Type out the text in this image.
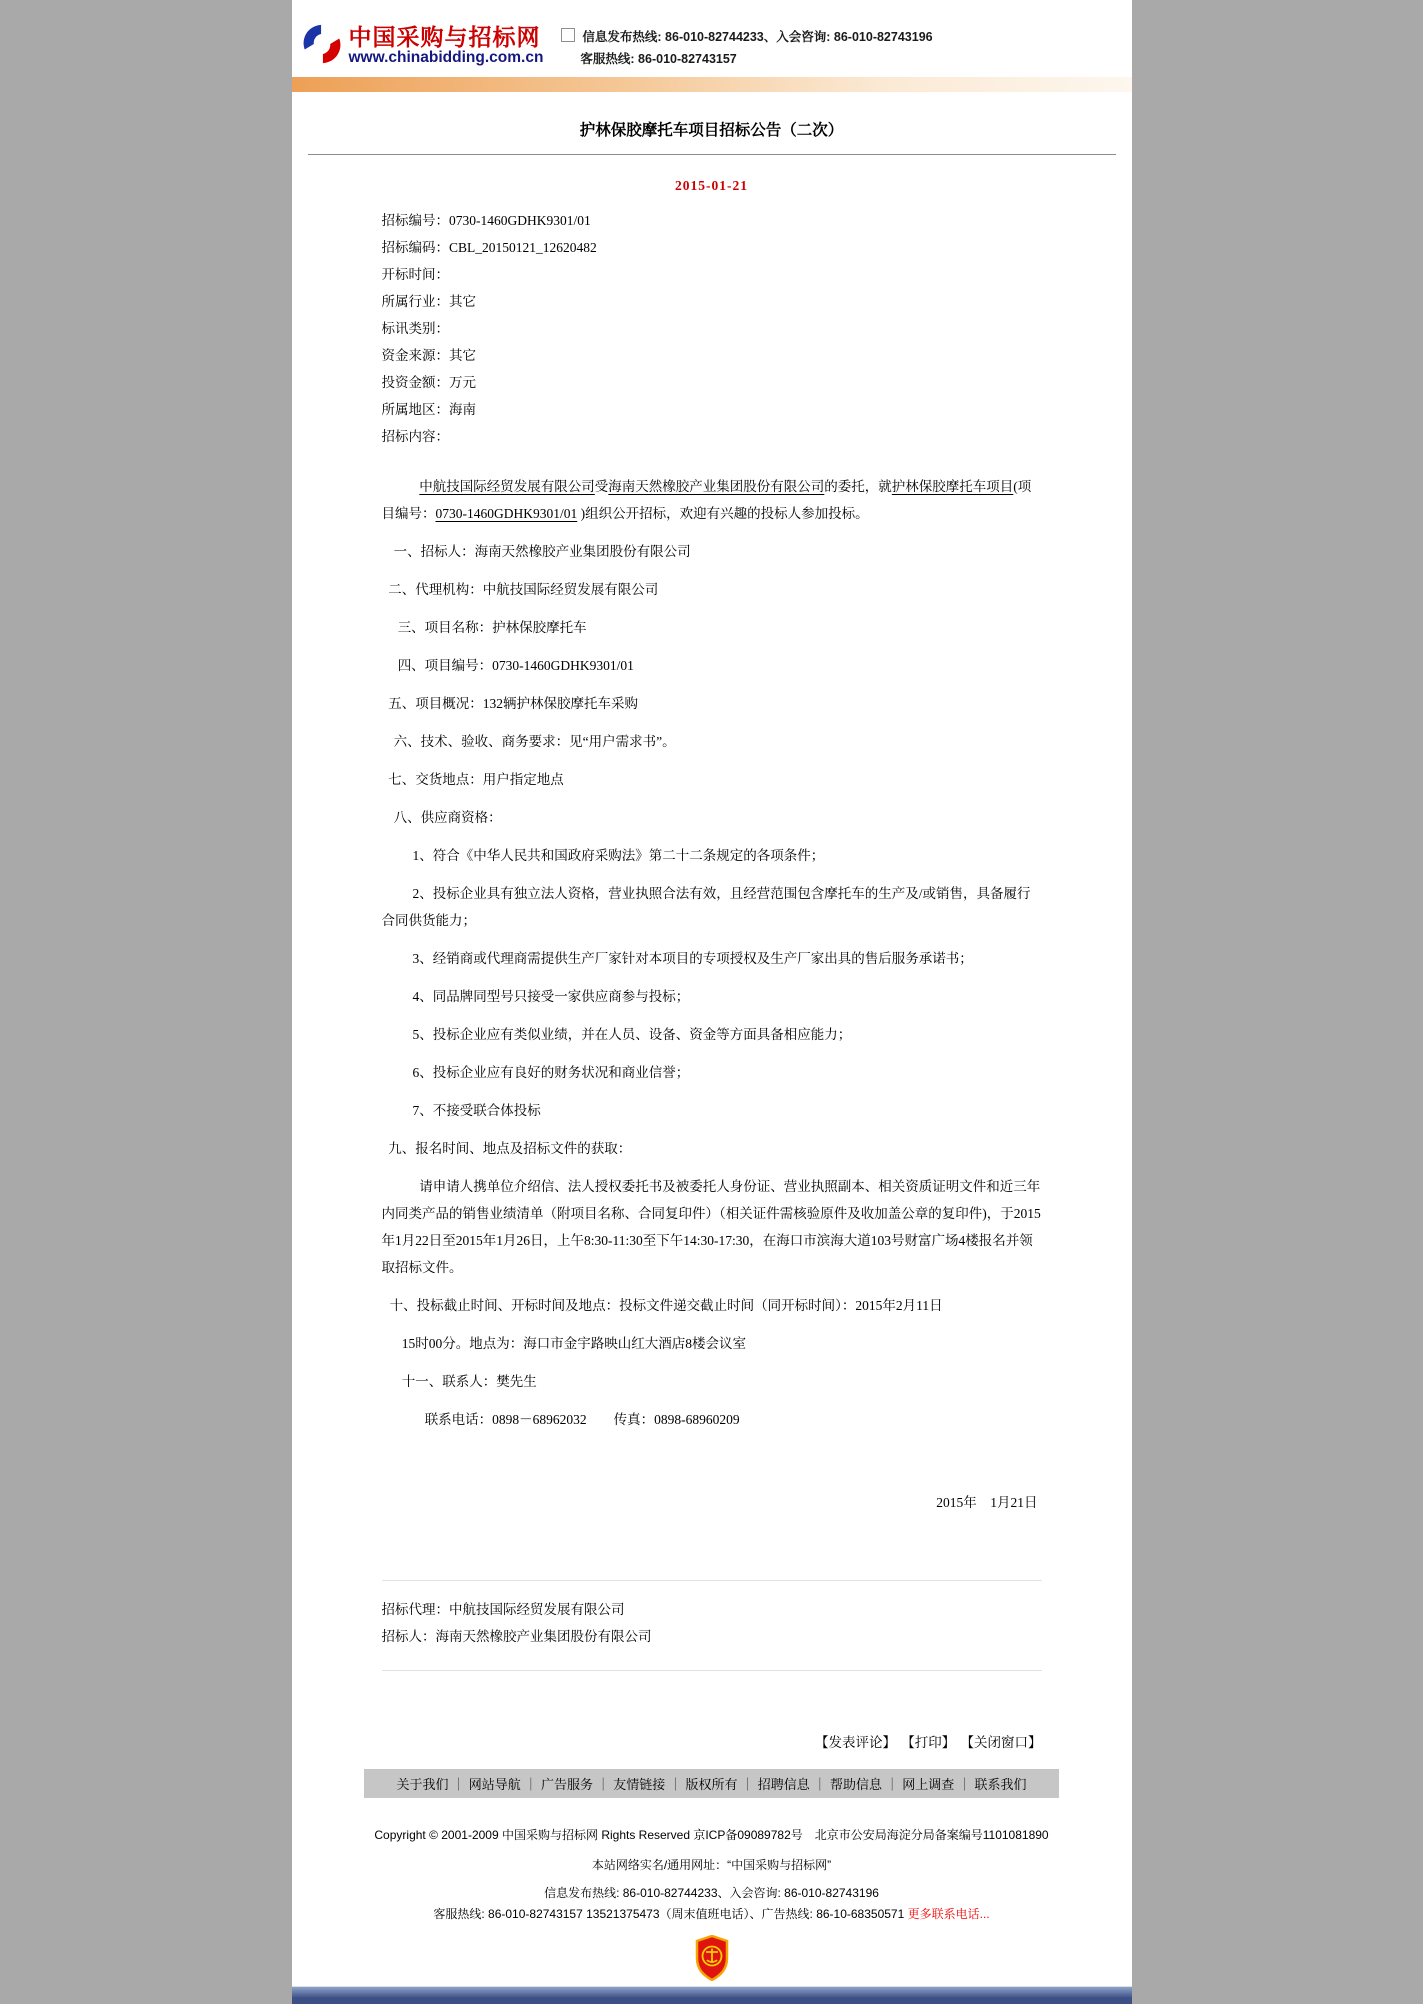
中国采购与招标网
www.chinabidding.com.cn
信息发布热线: 86-010-82744233、入会咨询: 86-010-82743196
客服热线: 86-010-82743157
护林保胶摩托车项目招标公告（二次）
2015-01-21
招标编号：0730-1460GDHK9301/01
招标编码：CBL_20150121_12620482
开标时间：
所属行业：其它
标讯类别：
资金来源：其它
投资金额：万元
所属地区：海南
招标内容：

中航技国际经贸发展有限公司受海南天然橡胶产业集团股份有限公司的委托，就护林保胶摩托车项目(项目编号：0730-1460GDHK9301/01 )组织公开招标，欢迎有兴趣的投标人参加投标。

一、招标人：海南天然橡胶产业集团股份有限公司

二、代理机构：中航技国际经贸发展有限公司

三、项目名称：护林保胶摩托车

四、项目编号：0730-1460GDHK9301/01

五、项目概况：132辆护林保胶摩托车采购

六、技术、验收、商务要求：见“用户需求书”。

七、交货地点：用户指定地点

八、供应商资格：

1、符合《中华人民共和国政府采购法》第二十二条规定的各项条件；

2、投标企业具有独立法人资格，营业执照合法有效，且经营范围包含摩托车的生产及/或销售，具备履行合同供货能力；

3、经销商或代理商需提供生产厂家针对本项目的专项授权及生产厂家出具的售后服务承诺书；

4、同品牌同型号只接受一家供应商参与投标；

5、投标企业应有类似业绩，并在人员、设备、资金等方面具备相应能力；

6、投标企业应有良好的财务状况和商业信誉；

7、不接受联合体投标

九、报名时间、地点及招标文件的获取：

请申请人携单位介绍信、法人授权委托书及被委托人身份证、营业执照副本、相关资质证明文件和近三年内同类产品的销售业绩清单（附项目名称、合同复印件）（相关证件需核验原件及收加盖公章的复印件)，于2015年1月22日至2015年1月26日，上午8:30-11:30至下午14:30-17:30，在海口市滨海大道103号财富广场4楼报名并领取招标文件。

十、投标截止时间、开标时间及地点：投标文件递交截止时间（同开标时间）：2015年2月11日

15时00分。地点为：海口市金宇路映山红大酒店8楼会议室

十一、联系人：樊先生

联系电话：0898－68962032　　传真：0898-68960209

2015年　1月21日
招标代理：中航技国际经贸发展有限公司
招标人：海南天然橡胶产业集团股份有限公司
【发表评论】 【打印】 【关闭窗口】
关于我们 ｜ 网站导航 ｜ 广告服务 ｜ 友情链接 ｜ 版权所有 ｜ 招聘信息 ｜ 帮助信息 ｜ 网上调查 ｜ 联系我们
Copyright © 2001-2009 中国采购与招标网 Rights Reserved 京ICP备09089782号　北京市公安局海淀分局备案编号1101081890
本站网络实名/通用网址：“中国采购与招标网”
信息发布热线: 86-010-82744233、入会咨询: 86-010-82743196
客服热线: 86-010-82743157 13521375473（周末值班电话）、广告热线: 86-10-68350571 更多联系电话...
